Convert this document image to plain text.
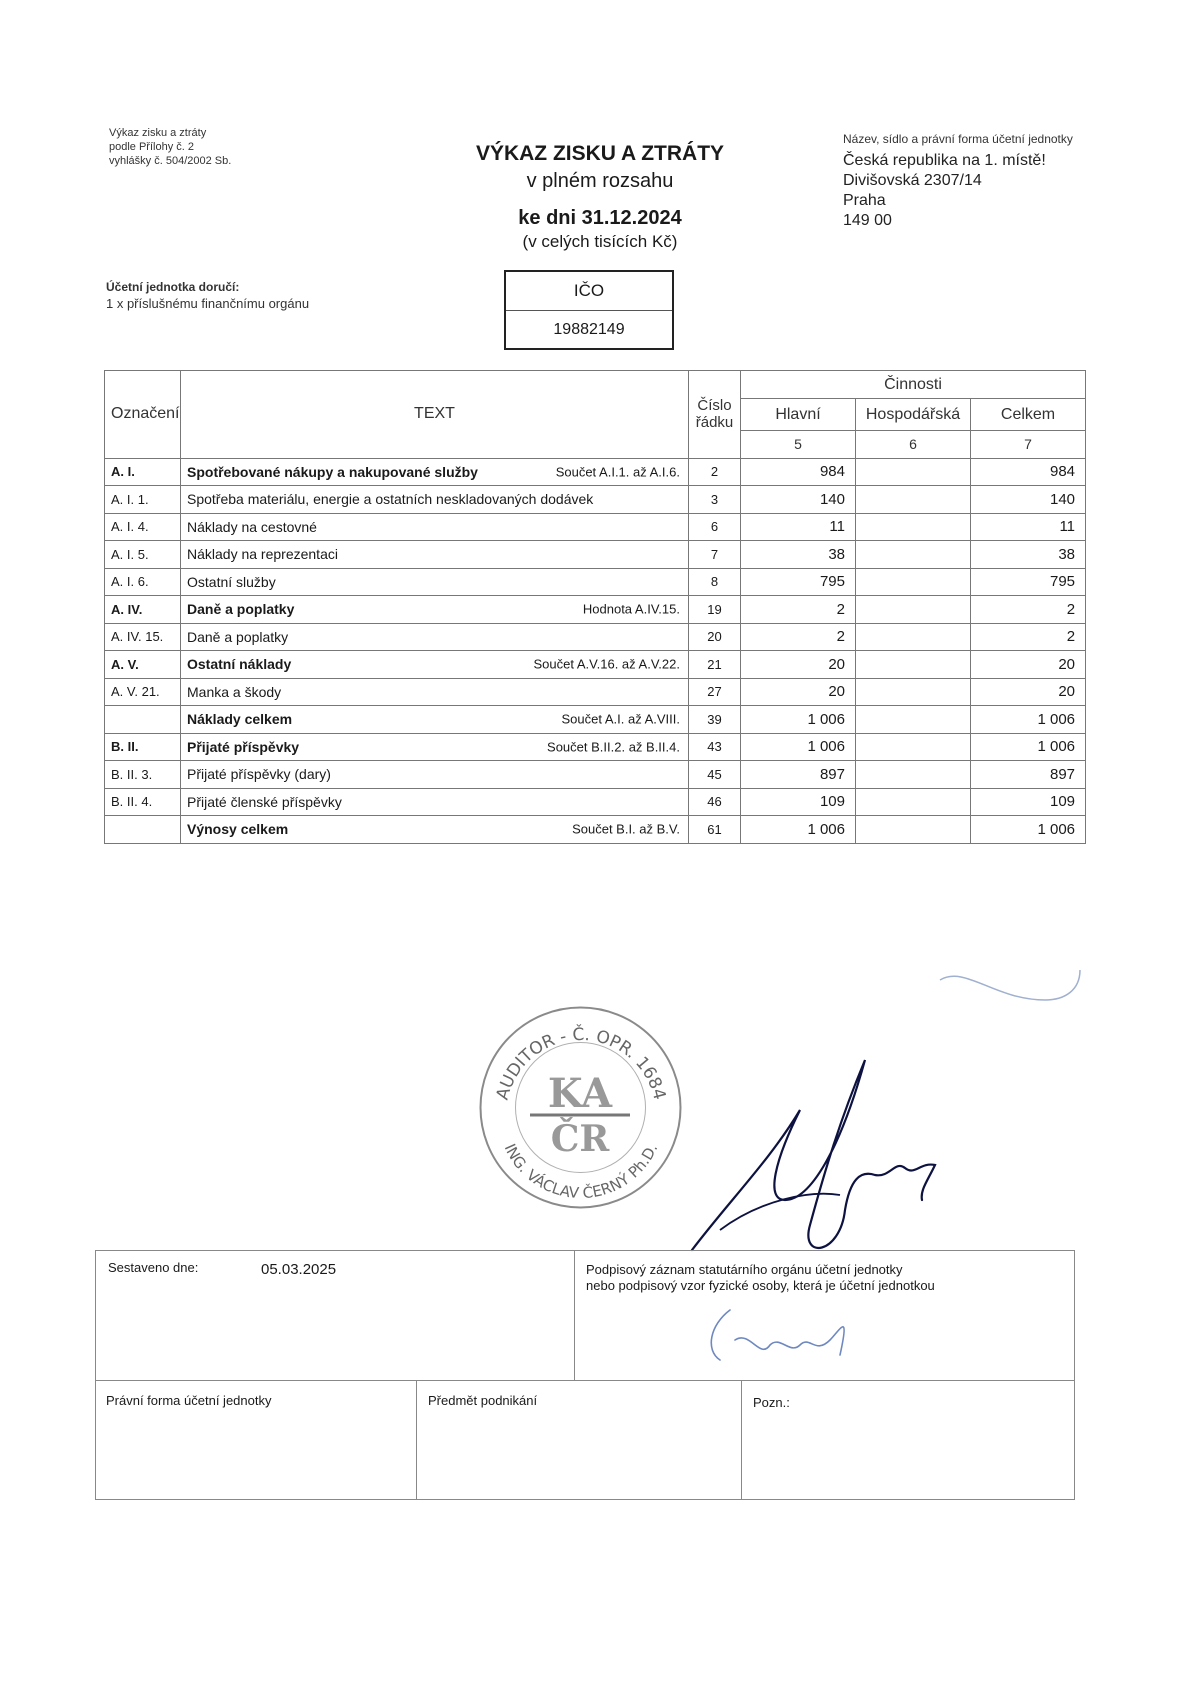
Výkaz zisku a ztráty
podle Přílohy č. 2
vyhlášky č. 504/2002 Sb.	VÝKAZ ZISKU A ZTRÁTY
v plném rozsahu
ke dni 31.12.2024
(v celých tisících Kč)
Název, sídlo a právní forma účetní jednotky
Česká republika na 1. místě!
Divišovská 2307/14
Praha
149 00
Účetní jednotka doručí:
1 x příslušnému finančnímu orgánu
IČO
19882149
Označení	TEXT	Číslo řádku	Činnosti		
			Hlavní	Hospodářská	Celkem
			5	6	7
A. I.	Spotřebované nákupy a nakupované služby Součet A.I.1. až A.I.6.	2	984		984
A. I. 1.	Spotřeba materiálu, energie a ostatních neskladovaných dodávek	3	140		140
A. I. 4.	Náklady na cestovné	6	11		11
A. I. 5.	Náklady na reprezentaci	7	38		38
A. I. 6.	Ostatní služby	8	795		795
A. IV.	Daně a poplatky Hodnota A.IV.15.	19	2		2
A. IV. 15.	Daně a poplatky	20	2		2
A. V.	Ostatní náklady Součet A.V.16. až A.V.22.	21	20		20
A. V. 21.	Manka a škody	27	20		20
	Náklady celkem Součet A.I. až A.VIII.	39	1 006		1 006
B. II.	Přijaté příspěvky Součet B.II.2. až B.II.4.	43	1 006		1 006
B. II. 3.	Přijaté příspěvky (dary)	45	897		897
B. II. 4.	Přijaté členské příspěvky	46	109		109
	Výnosy celkem Součet B.I. až B.V.	61	1 006		1 006
AUDITOR - Č. OPR. 1684
ING. VÁCLAV ČERNÝ Ph.D.
KA
ČR
Sestaveno dne:	05.03.2025	Podpisový záznam statutárního orgánu účetní jednotky
nebo podpisový vzor fyzické osoby, která je účetní jednotkou
Právní forma účetní jednotky	Předmět podnikání	Pozn.:
